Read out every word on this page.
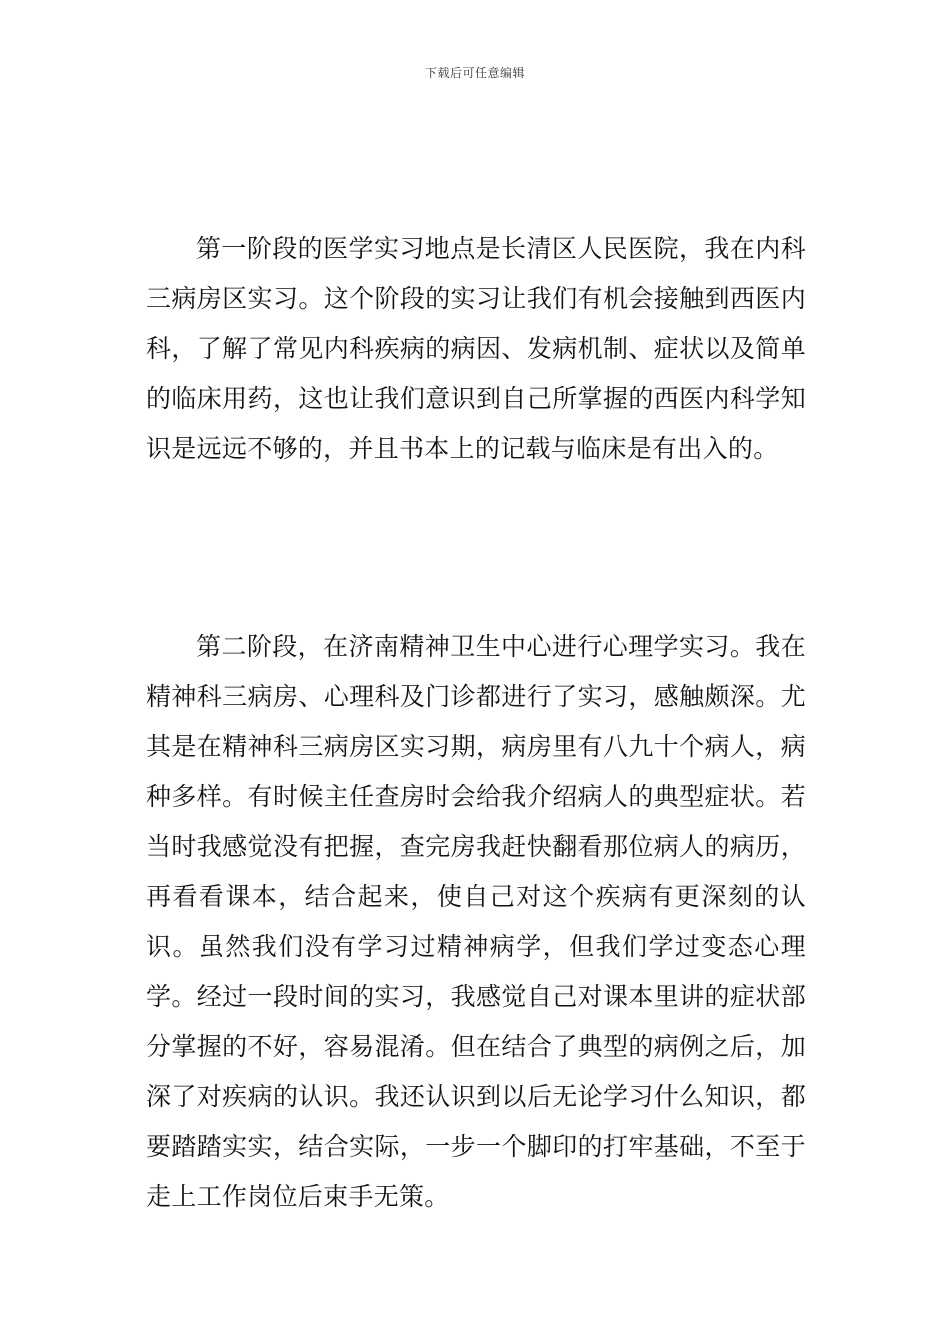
下载后可任意编辑

第一阶段的医学实习地点是长清区人民医院，我在内科三病房区实习。这个阶段的实习让我们有机会接触到西医内科，了解了常见内科疾病的病因、发病机制、症状以及简单的临床用药，这也让我们意识到自己所掌握的西医内科学知识是远远不够的，并且书本上的记载与临床是有出入的。

第二阶段，在济南精神卫生中心进行心理学实习。我在精神科三病房、心理科及门诊都进行了实习，感触颇深。尤其是在精神科三病房区实习期，病房里有八九十个病人，病种多样。有时候主任查房时会给我介绍病人的典型症状。若当时我感觉没有把握，查完房我赶快翻看那位病人的病历，再看看课本，结合起来，使自己对这个疾病有更深刻的认识。虽然我们没有学习过精神病学，但我们学过变态心理学。经过一段时间的实习，我感觉自己对课本里讲的症状部分掌握的不好，容易混淆。但在结合了典型的病例之后，加深了对疾病的认识。我还认识到以后无论学习什么知识，都要踏踏实实，结合实际，一步一个脚印的打牢基础，不至于走上工作岗位后束手无策。
